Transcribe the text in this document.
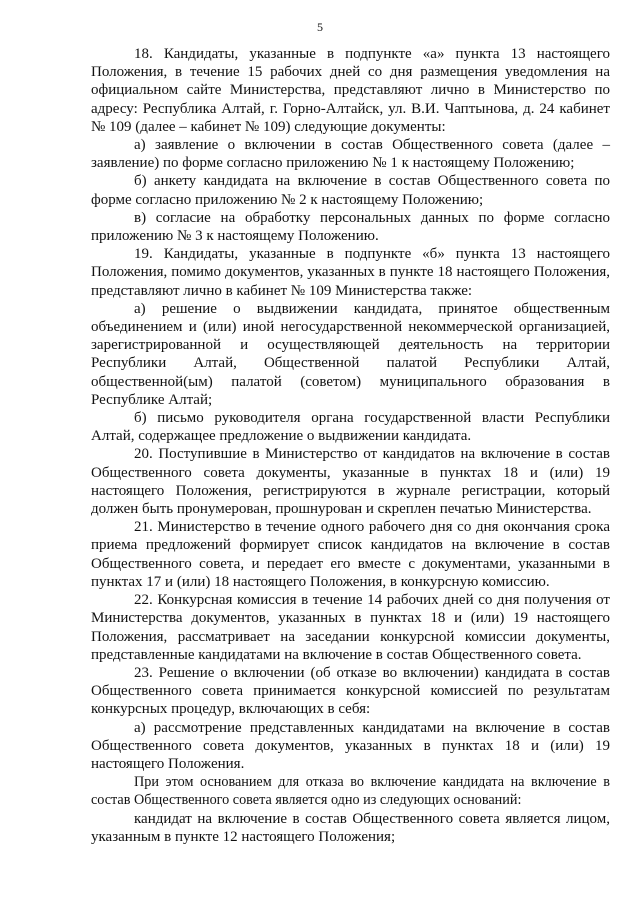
5

18. Кандидаты, указанные в подпункте «а» пункта 13 настоящего Положения, в течение 15 рабочих дней со дня размещения уведомления на официальном сайте Министерства, представляют лично в Министерство по адресу: Республика Алтай, г. Горно-Алтайск, ул. В.И. Чаптынова, д. 24 кабинет № 109 (далее – кабинет № 109) следующие документы:

а) заявление о включении в состав Общественного совета (далее – заявление) по форме согласно приложению № 1 к настоящему Положению;

б) анкету кандидата на включение в состав Общественного совета по форме согласно приложению № 2 к настоящему Положению;

в) согласие на обработку персональных данных по форме согласно приложению № 3 к настоящему Положению.

19. Кандидаты, указанные в подпункте «б» пункта 13 настоящего Положения, помимо документов, указанных в пункте 18 настоящего Положения, представляют лично в кабинет № 109 Министерства также:

а) решение о выдвижении кандидата, принятое общественным объединением и (или) иной негосударственной некоммерческой организацией, зарегистрированной и осуществляющей деятельность на территории Республики Алтай, Общественной палатой Республики Алтай, общественной(ым) палатой (советом) муниципального образования в Республике Алтай;

б) письмо руководителя органа государственной власти Республики Алтай, содержащее предложение о выдвижении кандидата.

20. Поступившие в Министерство от кандидатов на включение в состав Общественного совета документы, указанные в пунктах 18 и (или) 19 настоящего Положения, регистрируются в журнале регистрации, который должен быть пронумерован, прошнурован и скреплен печатью Министерства.

21. Министерство в течение одного рабочего дня со дня окончания срока приема предложений формирует список кандидатов на включение в состав Общественного совета, и передает его вместе с документами, указанными в пунктах 17 и (или) 18 настоящего Положения, в конкурсную комиссию.

22. Конкурсная комиссия в течение 14 рабочих дней со дня получения от Министерства документов, указанных в пунктах 18 и (или) 19 настоящего Положения, рассматривает на заседании конкурсной комиссии документы, представленные кандидатами на включение в состав Общественного совета.

23. Решение о включении (об отказе во включении) кандидата в состав Общественного совета принимается конкурсной комиссией по результатам конкурсных процедур, включающих в себя:

а) рассмотрение представленных кандидатами на включение в состав Общественного совета документов, указанных в пунктах 18 и (или) 19 настоящего Положения.

При этом основанием для отказа во включение кандидата на включение в состав Общественного совета является одно из следующих оснований:

кандидат на включение в состав Общественного совета является лицом, указанным в пункте 12 настоящего Положения;
